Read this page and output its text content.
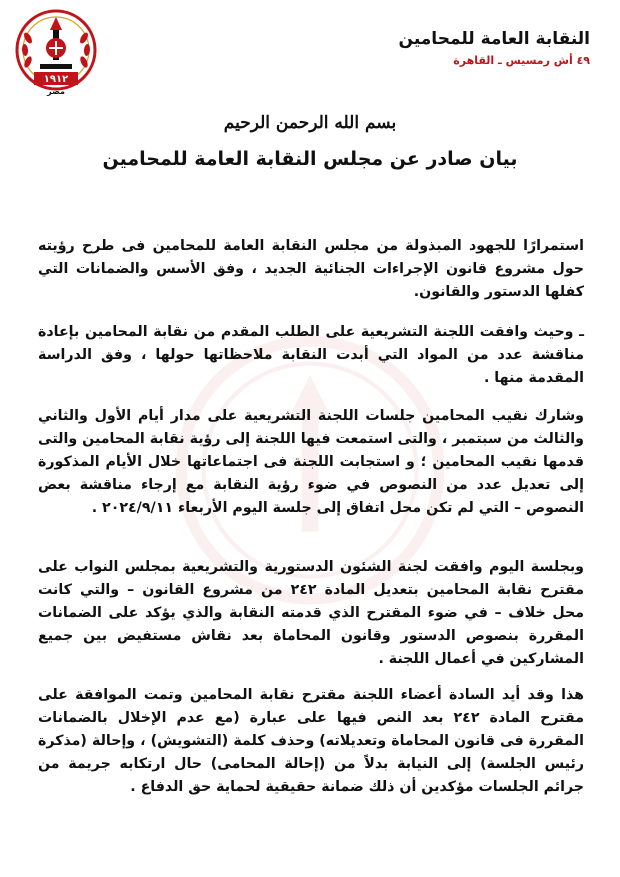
١٩١٢
مصر
النقابة العامة للمحامين
٤٩ أش رمسيس ـ القاهرة
بسم الله الرحمن الرحيم
بيان صادر عن مجلس النقابة العامة للمحامين

استمرارًا للجهود المبذولة من مجلس النقابة العامة للمحامين فى طرح رؤيته حول مشروع قانون الإجراءات الجنائية الجديد ، وفق الأسس والضمانات التي كفلها الدستور والقانون.

ـ وحيث وافقت اللجنة التشريعية على الطلب المقدم من نقابة المحامين بإعادة مناقشة عدد من المواد التي أبدت النقابة ملاحظاتها حولها ، وفق الدراسة المقدمة منها .

وشارك نقيب المحامين جلسات اللجنة التشريعية على مدار أيام الأول والثاني والثالث من سبتمبر ، والتى استمعت فيها اللجنة إلى رؤية نقابة المحامين والتى قدمها نقيب المحامين ؛ و استجابت اللجنة فى اجتماعاتها خلال الأيام المذكورة إلى تعديل عدد من النصوص في ضوء رؤية النقابة مع إرجاء مناقشة بعض النصوص – التي لم تكن محل اتفاق إلى جلسة اليوم الأربعاء ٢٠٢٤/٩/١١ .

وبجلسة اليوم وافقت لجنة الشئون الدستورية والتشريعية بمجلس النواب على مقترح نقابة المحامين بتعديل المادة ٢٤٢ من مشروع القانون – والتي كانت محل خلاف – في ضوء المقترح الذي قدمته النقابة والذي يؤكد على الضمانات المقررة بنصوص الدستور وقانون المحاماة بعد نقاش مستفيض بين جميع المشاركين في أعمال اللجنة .

هذا وقد أيد السادة أعضاء اللجنة مقترح نقابة المحامين وتمت الموافقة على مقترح المادة ٢٤٢ بعد النص فيها على عبارة (مع عدم الإخلال بالضمانات المقررة فى قانون المحاماة وتعديلاته) وحذف كلمة (التشويش) ، وإحالة (مذكرة رئيس الجلسة) إلى النيابة بدلاً من (إحالة المحامى) حال ارتكابه جريمة من جرائم الجلسات مؤكدين أن ذلك ضمانة حقيقية لحماية حق الدفاع .
